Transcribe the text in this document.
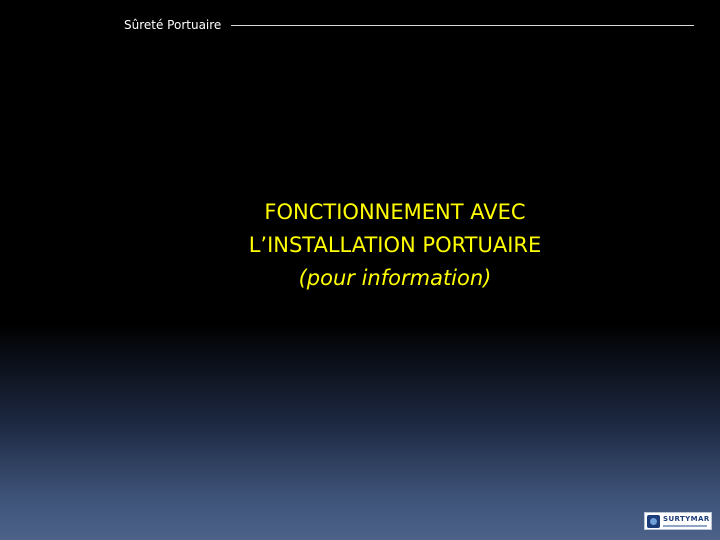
Sûreté Portuaire
FONCTIONNEMENT AVEC
L’INSTALLATION PORTUAIRE
(pour information)
SURTYMAR
